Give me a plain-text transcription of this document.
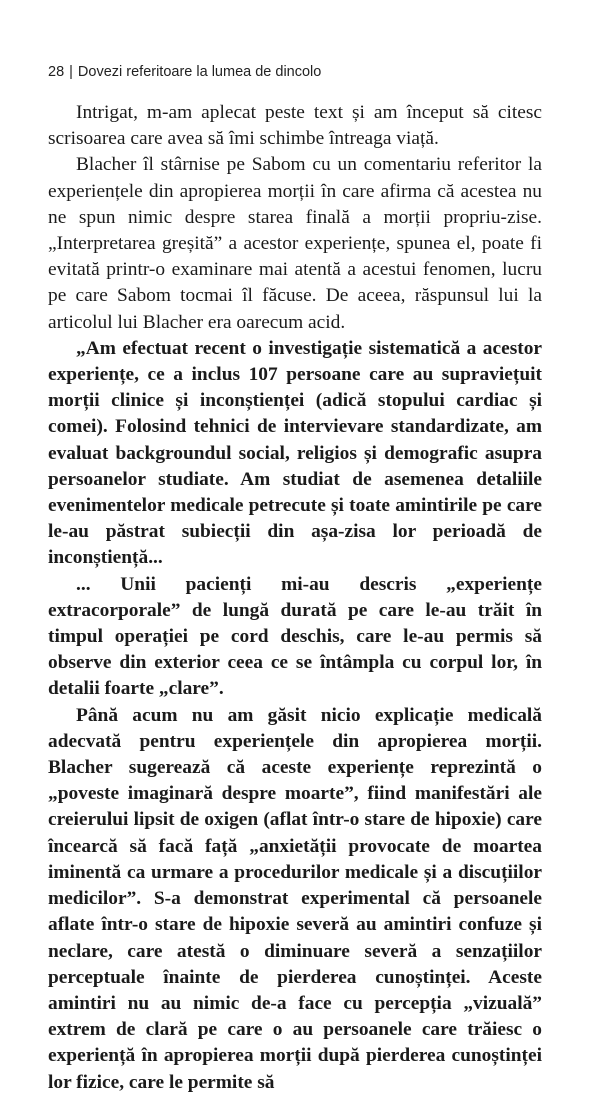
28 | Dovezi referitoare la lumea de dincolo

Intrigat, m-am aplecat peste text și am început să citesc scrisoarea care avea să îmi schimbe întreaga viață.

Blacher îl stârnise pe Sabom cu un comentariu referitor la experiențele din apropierea morții în care afirma că acestea nu ne spun nimic despre starea finală a morții propriu-zise. „Interpretarea greșită” a acestor experiențe, spunea el, poate fi evitată printr-o examinare mai atentă a acestui fenomen, lucru pe care Sabom tocmai îl făcuse. De aceea, răspunsul lui la articolul lui Blacher era oarecum acid.

„Am efectuat recent o investigație sistematică a acestor experiențe, ce a inclus 107 persoane care au supraviețuit morții clinice și inconștienței (adică stopului cardiac și comei). Folosind tehnici de intervievare standardizate, am evaluat backgroundul social, religios și demografic asupra persoanelor studiate. Am studiat de asemenea detaliile evenimentelor medicale petrecute și toate amintirile pe care le-au păstrat subiecții din așa-zisa lor perioadă de inconștiență...

... Unii pacienți mi-au descris „experiențe extracorporale” de lungă durată pe care le-au trăit în timpul operației pe cord deschis, care le-au permis să observe din exterior ceea ce se întâmpla cu corpul lor, în detalii foarte „clare”.

Până acum nu am găsit nicio explicație medicală adecvată pentru experiențele din apropierea morții. Blacher sugerează că aceste experiențe reprezintă o „poveste imaginară despre moarte”, fiind manifestări ale creierului lipsit de oxigen (aflat într-o stare de hipoxie) care încearcă să facă față „anxietății provocate de moartea iminentă ca urmare a procedurilor medicale și a discuțiilor medicilor”. S-a demonstrat experimental că persoanele aflate într-o stare de hipoxie severă au amintiri confuze și neclare, care atestă o diminuare severă a senzațiilor perceptuale înainte de pierderea cunoștinței. Aceste amintiri nu au nimic de-a face cu percepția „vizuală” extrem de clară pe care o au persoanele care trăiesc o experiență în apropierea morții după pierderea cunoștinței lor fizice, care le permite să
